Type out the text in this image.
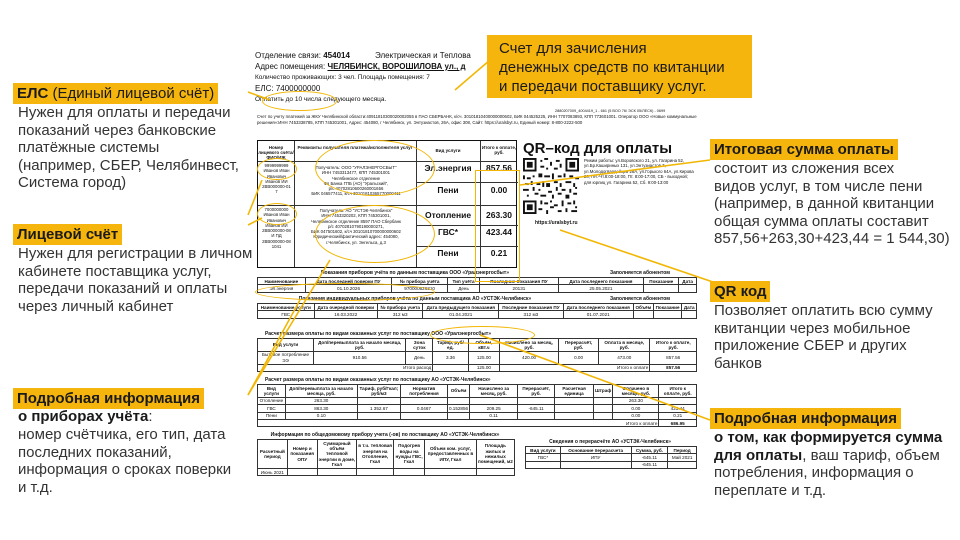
Отделение связи: 454014	Электрическая и Теплова
Адрес помещения: ЧЕЛЯБИНСК, ВОРОШИЛОВА ул., д
Количество проживающих: 3 чел. Площадь помещения: 7
ЕЛС: 7400000000
Оплатить до 10 числа следующего месяца.
2880207009_4004419_1 - 661 (5 ВОО 76/ ЭСК 05/ЛЕСК) - 0699
Счет по учету платежей за ЖКУ Челябинской области:40911810300020002055 в ПАО СБЕРБАНК, к/сч. 30101810400000000602, БИК 044525225, ИНН 7707083893, КПП 773601001. Оператор ООО «Новые коммунальные решения»:ИНН 7453338785, КПП 745301001, Адрес: 454080, г Челябинск, ул. Энтузиастов, 26А, офис 308, Сайт: https://uralsbyt.ru, Единый номер: 8-800-2222-500
Номер лицевого счёта/ФИО/ИЖ
Реквизиты получателя платежа/исполнителя услуг
Вид услуги
Итого к оплате, руб.
9999999999
Иванов Иван Иванович
Иванов ИИ
2ВВ000000-01
7
Получатель: ООО "УРАЛЭНЕРГОСБЫТ"
ИНН 7453313477, КПП 745301001
Челябинское отделение
Фл Банка ГПБ (АО) "Уральский",
р/с 40702810600260001656
БИК 046577411, к/сч 30101810365770000411
Эл.энергия	857.56
Пени	0.00
7000000000
Иванов Иван Иванович
Иванов ИИ
2ВВ000000-08
И ПД
2ВВ000000-08
1041
Получатель: АО "УСТЭК-Челябинск"
ИНН 7453320202, КПП 745301001,
Челябинское отделение 8597 ПАО Сбербанк
р/с 40702810790190000271,
БИК 047501602, к/сч 30101810700000000602
Юридический/фактический адрес: 454080,
г.Челябинск, ул. Энгельса, д.3
Отопление	263.30
ГВС*	423.44
Пени	0.21
QR–код для оплаты
https://uralsbyt.ru
Режим работы: ул.Воровского 21, ул. Гагарина 52, ул.Бр.Кашириных 131, ул.Энтузиастов 7, ул.Молодогвардейцев 28А, ул.Горького 64А, ул.Кирова 20, Пн.-Чт.8:00-18:00, Пт. 8:00-17:00, СБ - выходной; для юрлиц ул. Гагарина 52, Сб. 9:00-13:00
Показания приборов учёта по данным поставщика ООО «Уралэнергосбыт»	Заполняется абонентом
Наименование	Дата последней поверки ПУ	№ прибора учёта	Тип учёта	Последние показания ПУ	Дата последнего показания	Показание	Дата
Эл.энергия	01.10.2026	970000626310	День	20131	25.05.2021		
Показания индивидуальных приборов учёта по данным поставщика АО «УСТЭК-Челябинск»	Заполняется абонентом
Наименование услуги	Дата очередной поверки	№ прибора учета	Дата предыдущего показания	Последние показания ПУ	Дата последнего показания	Объём	Показание	Дата
ГВС	16.03.2022	312 м3	01.04.2021	312 м3	01.07.2021			
Расчет размера оплаты по видам оказанных услуг по поставщику ООО «Уралэнергосбыт»
Вид услуги	Доп/перевыплата за начало месяца, руб.	Зона суток	Тариф, руб/ед.	Объём, кВт.ч	Начислено за месяц, руб.	Перерасчёт, руб.	Оплата в месяце, руб.	Итого к оплате, руб.
Бытовое потребление ЭЭ	910.56	День	3.36	125.00	420.00	0.00	473.00	857.56
Итого расход				125.00	Итого к оплате			857.56
Расчет размера оплаты по видам оказанных услуг по поставщику АО «УСТЭК-Челябинск»
Вид услуги	Доп/перевыплата за начало месяца, руб.	Тариф, руб/Гкал; руб/м3	Норматив потребления	Объём	Начислено за месяц, руб.	Перерасчёт, руб.	Расчетная единица	Штраф	Оплачено в месяце, руб.	Итого к оплате, руб.
Отопление	263.30								263.30	
ГВС	863.30	1 352.67	0.0467	0.152856	209.25	-645.11			0.00	423.44
Пени	0.10				0.11				0.00	0.21
Итого к оплате										686.95
Информация по общедомовому прибору учета (-ов) по поставщику АО «УСТЭК-Челябинск»
Расчетный период	Номер и показания ОПУ	Суммарный объём тепловой энергии в доме, Гкал	в т.ч. тепловая энергия на Отопление, Гкал	Подогрев воды на нужды ГВС, Гкал	Объем ком. услуг, предоставленных в ИПУ, Гкал	Площадь жилых и нежилых помещений, м2
Июнь 2021						
Сведения о перерасчёте АО «УСТЭК-Челябинск»
Вид услуги	Основание перерасчета	Сумма, руб.	Период
ГВС*	ИПУ	-645.11	Май 2021
		-645.11	
Счет для зачисления
денежных средств по квитанции
и передачи поставщику услуг.
ЕЛС (Единый лицевой счёт)
Нужен для оплаты и передачи
показаний через банковские
платёжные системы
(например, СБЕР, Челябинвест,
Система город)
Лицевой счёт
Нужен для регистрации в личном
кабинете поставщика услуг,
передачи показаний и оплаты
через личный кабинет
Подробная информация
о приборах учёта:
номер счётчика, его тип, дата
последних показаний,
информация о сроках поверки
и т.д.
Итоговая сумма оплаты
состоит из сложения всех
видов услуг, в том числе пени
(например, в данной квитанции
общая сумма оплаты составит
857,56+263,30+423,44 = 1 544,30)
QR код
Позволяет оплатить всю сумму
квитанции через мобильное
приложение СБЕР и других
банков
Подробная информация
о том, как формируется сумма
для оплаты, ваш тариф, объем
потребления, информация о
переплате и т.д.
